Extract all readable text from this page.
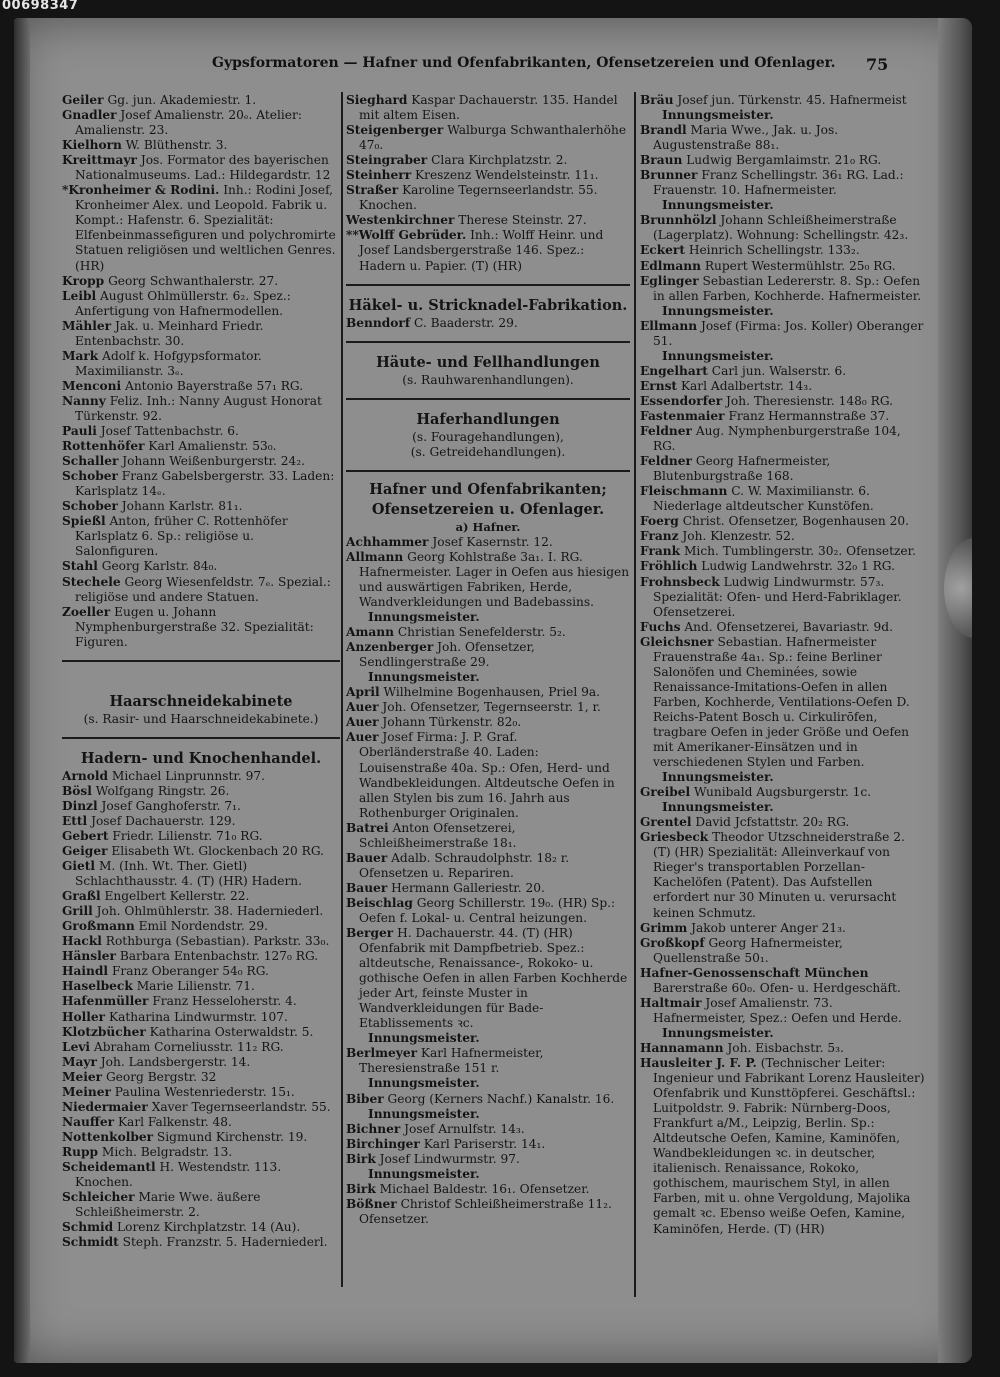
00698347
Gypsformatoren — Hafner und Ofenfabrikanten, Ofensetzereien und Ofenlager. 75
Geiler Gg. jun. Akademiestr. 1.
Gnadler Josef Amalienstr. 20ₑ. Atelier: Amalienstr. 23.
Kielhorn W. Blüthenstr. 3.
Kreittmayr Jos. Formator des bayerischen Nationalmuseums. Lad.: Hildegardstr. 12
*Kronheimer & Rodini. Inh.: Rodini Josef, Kronheimer Alex. und Leopold. Fabrik u. Kompt.: Hafenstr. 6. Spezialität: Elfenbeinmassefiguren und polychromirte Statuen religiösen und weltlichen Genres. (HR)
Kropp Georg Schwanthalerstr. 27.
Leibl August Ohlmüllerstr. 6₂. Spez.: Anfertigung von Hafnermodellen.
Mähler Jak. u. Meinhard Friedr. Entenbachstr. 30.
Mark Adolf k. Hofgypsformator. Maximilianstr. 3ₑ.
Menconi Antonio Bayerstraße 57₁ RG.
Nanny Feliz. Inh.: Nanny August Honorat Türkenstr. 92.
Pauli Josef Tattenbachstr. 6.
Rottenhöfer Karl Amalienstr. 53₀.
Schaller Johann Weißenburgerstr. 24₂.
Schober Franz Gabelsbergerstr. 33. Laden: Karlsplatz 14ₑ.
Schober Johann Karlstr. 81₁.
Spießl Anton, früher C. Rottenhöfer Karlsplatz 6. Sp.: religiöse u. Salonfiguren.
Stahl Georg Karlstr. 84₀.
Stechele Georg Wiesenfeldstr. 7ₑ. Spezial.: religiöse und andere Statuen.
Zoeller Eugen u. Johann Nymphenburgerstraße 32. Spezialität: Figuren.
Haarschneidekabinete
(s. Rasir- und Haarschneidekabinete.)
Hadern- und Knochenhandel.
Arnold Michael Linprunnstr. 97.
Bösl Wolfgang Ringstr. 26.
Dinzl Josef Ganghoferstr. 7₁.
Ettl Josef Dachauerstr. 129.
Gebert Friedr. Lilienstr. 71₀ RG.
Geiger Elisabeth Wt. Glockenbach 20 RG.
Gietl M. (Inh. Wt. Ther. Gietl) Schlachthausstr. 4. (T) (HR) Hadern.
Graßl Engelbert Kellerstr. 22.
Grill Joh. Ohlmühlerstr. 38. Haderniederl.
Großmann Emil Nordendstr. 29.
Hackl Rothburga (Sebastian). Parkstr. 33₀.
Hänsler Barbara Entenbachstr. 127₀ RG.
Haindl Franz Oberanger 54₀ RG.
Haselbeck Marie Lilienstr. 71.
Hafenmüller Franz Hesseloherstr. 4.
Holler Katharina Lindwurmstr. 107.
Klotzbücher Katharina Osterwaldstr. 5.
Levi Abraham Corneliusstr. 11₂ RG.
Mayr Joh. Landsbergerstr. 14.
Meier Georg Bergstr. 32
Meiner Paulina Westenriederstr. 15₁.
Niedermaier Xaver Tegernseerlandstr. 55.
Nauffer Karl Falkenstr. 48.
Nottenkolber Sigmund Kirchenstr. 19.
Rupp Mich. Belgradstr. 13.
Scheidemantl H. Westendstr. 113. Knochen.
Schleicher Marie Wwe. äußere Schleißheimerstr. 2.
Schmid Lorenz Kirchplatzstr. 14 (Au).
Schmidt Steph. Franzstr. 5. Haderniederl.
Sieghard Kaspar Dachauerstr. 135. Handel mit altem Eisen.
Steigenberger Walburga Schwanthalerhöhe 47₀.
Steingraber Clara Kirchplatzstr. 2.
Steinherr Kreszenz Wendelsteinstr. 11₁.
Straßer Karoline Tegernseerlandstr. 55. Knochen.
Westenkirchner Therese Steinstr. 27.
**Wolff Gebrüder. Inh.: Wolff Heinr. und Josef Landsbergerstraße 146. Spez.: Hadern u. Papier. (T) (HR)
Häkel- u. Stricknadel-Fabrikation.
Benndorf C. Baaderstr. 29.
Häute- und Fellhandlungen
(s. Rauhwarenhandlungen).
Haferhandlungen
(s. Fouragehandlungen),
(s. Getreidehandlungen).
Hafner und Ofenfabrikanten;
Ofensetzereien u. Ofenlager.
a) Hafner.
Achhammer Josef Kasernstr. 12.
Allmann Georg Kohlstraße 3a₁. I. RG. Hafnermeister. Lager in Oefen aus hiesigen und auswärtigen Fabriken, Herde, Wandverkleidungen und Badebassins.
Innungsmeister.
Amann Christian Senefelderstr. 5₂.
Anzenberger Joh. Ofensetzer, Sendlingerstraße 29.
Innungsmeister.
April Wilhelmine Bogenhausen, Priel 9a.
Auer Joh. Ofensetzer, Tegernseerstr. 1, r.
Auer Johann Türkenstr. 82₀.
Auer Josef Firma: J. P. Graf. Oberländerstraße 40. Laden: Louisenstraße 40a. Sp.: Ofen, Herd- und Wandbekleidungen. Altdeutsche Oefen in allen Stylen bis zum 16. Jahrh aus Rothenburger Originalen.
Batrei Anton Ofensetzerei, Schleißheimerstraße 18₁.
Bauer Adalb. Schraudolphstr. 18₂ r. Ofensetzen u. Repariren.
Bauer Hermann Galleriestr. 20.
Beischlag Georg Schillerstr. 19₀. (HR) Sp.: Oefen f. Lokal- u. Central heizungen.
Berger H. Dachauerstr. 44. (T) (HR) Ofenfabrik mit Dampfbetrieb. Spez.: altdeutsche, Renaissance-, Rokoko- u. gothische Oefen in allen Farben Kochherde jeder Art, feinste Muster in Wandverkleidungen für Bade-Etablissements ꝛc.
Innungsmeister.
Berlmeyer Karl Hafnermeister, Theresienstraße 151 r.
Innungsmeister.
Biber Georg (Kerners Nachf.) Kanalstr. 16.
Innungsmeister.
Bichner Josef Arnulfstr. 14₃.
Birchinger Karl Pariserstr. 14₁.
Birk Josef Lindwurmstr. 97.
Innungsmeister.
Birk Michael Baldestr. 16₁. Ofensetzer.
Bößner Christof Schleißheimerstraße 11₂. Ofensetzer.
Bräu Josef jun. Türkenstr. 45. Hafnermeist
Innungsmeister.
Brandl Maria Wwe., Jak. u. Jos. Augustenstraße 88₁.
Braun Ludwig Bergamlaimstr. 21₀ RG.
Brunner Franz Schellingstr. 36₁ RG. Lad.: Frauenstr. 10. Hafnermeister.
Innungsmeister.
Brunnhölzl Johann Schleißheimerstraße (Lagerplatz). Wohnung: Schellingstr. 42₃.
Eckert Heinrich Schellingstr. 133₂.
Edlmann Rupert Westermühlstr. 25₀ RG.
Eglinger Sebastian Ledererstr. 8. Sp.: Oefen in allen Farben, Kochherde. Hafnermeister.
Innungsmeister.
Ellmann Josef (Firma: Jos. Koller) Oberanger 51.
Innungsmeister.
Engelhart Carl jun. Walserstr. 6.
Ernst Karl Adalbertstr. 14₃.
Essendorfer Joh. Theresienstr. 148₀ RG.
Fastenmaier Franz Hermannstraße 37.
Feldner Aug. Nymphenburgerstraße 104, RG.
Feldner Georg Hafnermeister, Blutenburgstraße 168.
Fleischmann C. W. Maximilianstr. 6. Niederlage altdeutscher Kunstöfen.
Foerg Christ. Ofensetzer, Bogenhausen 20.
Franz Joh. Klenzestr. 52.
Frank Mich. Tumblingerstr. 30₂. Ofensetzer.
Fröhlich Ludwig Landwehrstr. 32₀ 1 RG.
Frohnsbeck Ludwig Lindwurmstr. 57₃. Spezialität: Ofen- und Herd-Fabriklager. Ofensetzerei.
Fuchs And. Ofensetzerei, Bavariastr. 9d.
Gleichsner Sebastian. Hafnermeister Frauenstraße 4a₁. Sp.: feine Berliner Salonöfen und Cheminées, sowie Renaissance-Imitations-Oefen in allen Farben, Kochherde, Ventilations-Oefen D. Reichs-Patent Bosch u. Cirkulirōfen, tragbare Oefen in jeder Größe und Oefen mit Amerikaner-Einsätzen und in verschiedenen Stylen und Farben.
Innungsmeister.
Greibel Wunibald Augsburgerstr. 1c.
Innungsmeister.
Grentel David Jcfstattstr. 20₂ RG.
Griesbeck Theodor Utzschneiderstraße 2. (T) (HR) Spezialität: Alleinverkauf von Rieger's transportablen Porzellan-Kachelöfen (Patent). Das Aufstellen erfordert nur 30 Minuten u. verursacht keinen Schmutz.
Grimm Jakob unterer Anger 21₃.
Großkopf Georg Hafnermeister, Quellenstraße 50₁.
Hafner-Genossenschaft München Barerstraße 60₀. Ofen- u. Herdgeschäft.
Haltmair Josef Amalienstr. 73. Hafnermeister, Spez.: Oefen und Herde.
Innungsmeister.
Hannamann Joh. Eisbachstr. 5₃.
Hausleiter J. F. P. (Technischer Leiter: Ingenieur und Fabrikant Lorenz Hausleiter) Ofenfabrik und Kunsttöpferei. Geschäftsl.: Luitpoldstr. 9. Fabrik: Nürnberg-Doos, Frankfurt a/M., Leipzig, Berlin. Sp.: Altdeutsche Oefen, Kamine, Kaminöfen, Wandbekleidungen ꝛc. in deutscher, italienisch. Renaissance, Rokoko, gothischem, maurischem Styl, in allen Farben, mit u. ohne Vergoldung, Majolika gemalt ꝛc. Ebenso weiße Oefen, Kamine, Kaminöfen, Herde. (T) (HR)
